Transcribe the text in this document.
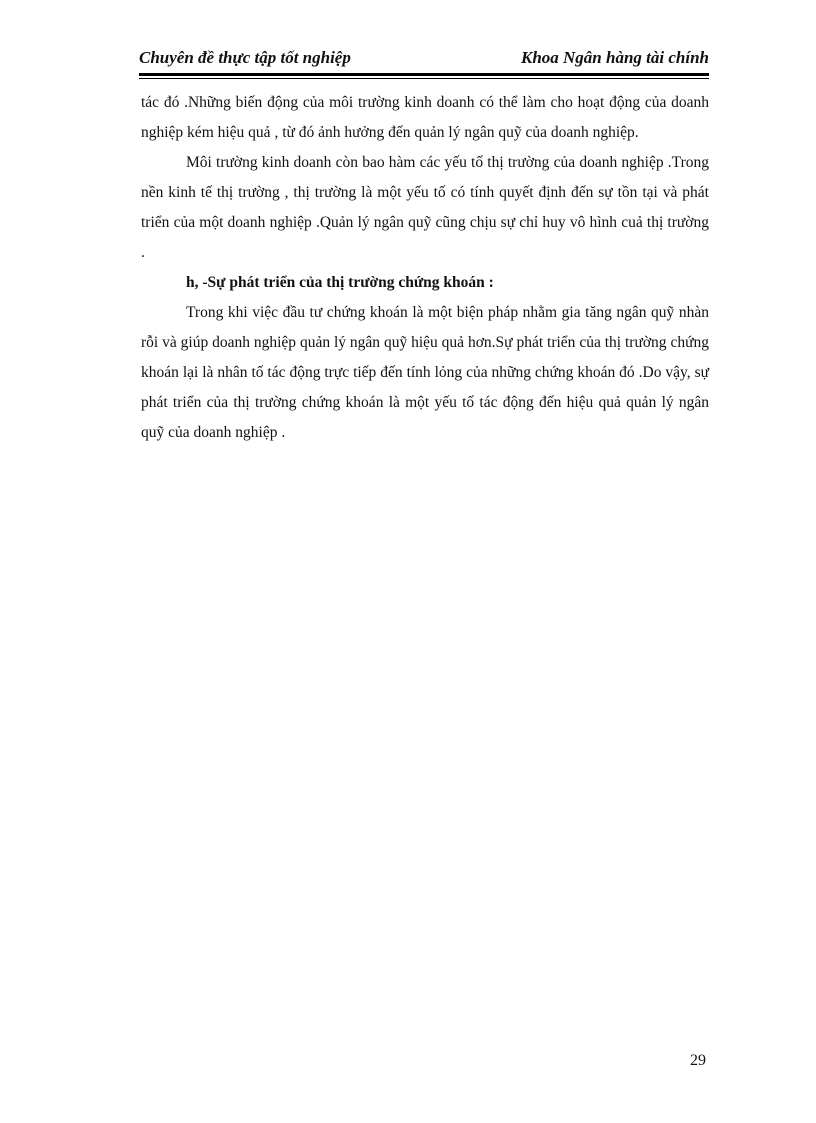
Chuyên đề thực tập tốt nghiệp	Khoa Ngân hàng tài chính

tác đó .Những biến động của môi trường kinh doanh có thể làm cho hoạt động của doanh nghiệp kém hiệu quả , từ đó ảnh hưởng đến quản lý ngân quỹ của doanh nghiệp.

Môi trường kinh doanh còn bao hàm các yếu tố thị trường của doanh nghiệp .Trong nền kinh tế thị trường , thị trường là một yếu tố có tính quyết định đến sự tồn tại và phát triển của một doanh nghiệp .Quản lý ngân quỹ cũng chịu sự chỉ huy vô hình cuả thị trường .

h, -Sự phát triển của thị trường chứng khoán :

Trong khi việc đầu tư chứng khoán là một biện pháp nhằm gia tăng ngân quỹ nhàn rỗi và giúp doanh nghiệp quản lý ngân quỹ hiệu quả hơn.Sự phát triển của thị trường chứng khoán lại là nhân tố tác động trực tiếp đến tính lỏng của những chứng khoán đó .Do vậy, sự phát triển của thị trường chứng khoán là một yếu tố tác động đến hiệu quả quản lý ngân quỹ của doanh nghiệp .

29
